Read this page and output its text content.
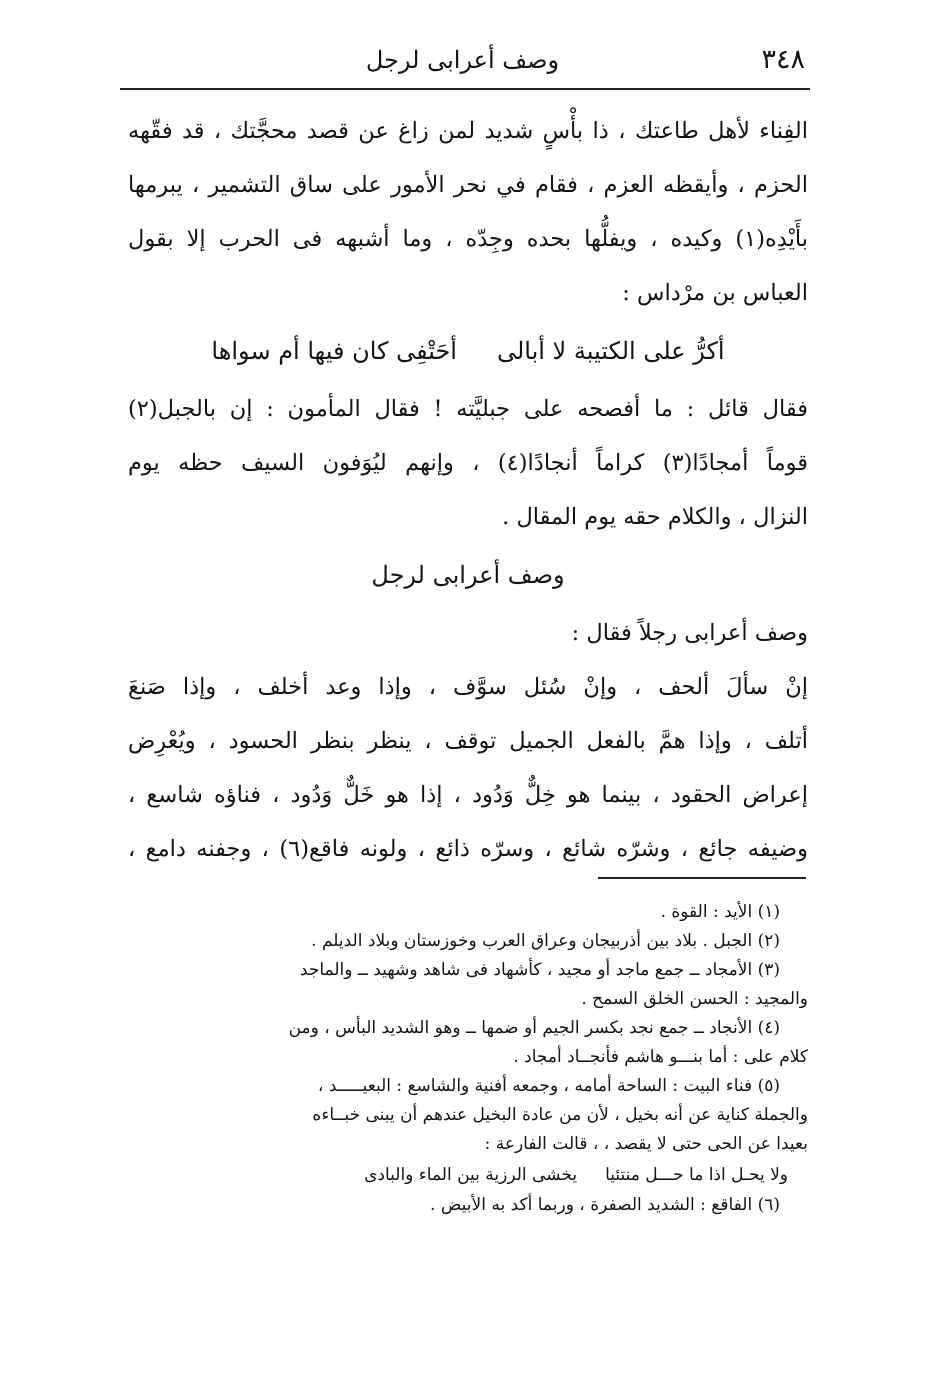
٣٤٨
وصف أعرابى لرجل
الفِناء لأهل طاعتك ، ذا بأْسٍ شديد لمن زاغ عن قصد محجَّتك ، قد فقّهه
الحزم ، وأيقظه العزم ، فقام في نحر الأمور على ساق التشمير ، يبرمها
بأَيْدِه(١) وكيده ، ويفلُّها بحده وجِدّه ، وما أشبهه فى الحرب إلا بقول
العباس بن مرْداس :
أكرُّ على الكتيبة لا أبالى
أحَتْفِى كان فيها أم سواها
فقال قائل : ما أفصحه على جبليَّته ! فقال المأمون : إن بالجبل(٢)
قوماً أمجادًا(٣) كراماً أنجادًا(٤) ، وإنهم ليُوَفون السيف حظه يوم
النزال ، والكلام حقه يوم المقال .
وصف أعرابى لرجل
وصف أعرابى رجلاً فقال :
إنْ سألَ ألحف ، وإنْ سُئل سوَّف ، وإذا وعد أخلف ، وإذا صَنعَ
أتلف ، وإذا همَّ بالفعل الجميل توقف ، ينظر بنظر الحسود ، ويُعْرِض
إعراض الحقود ، بينما هو خِلٌّ وَدُود ، إذا هو خَلٌّ وَدُود ، فناؤه شاسع ،
وضيفه جائع ، وشرّه شائع ، وسرّه ذائع ، ولونه فاقع(٦) ، وجفنه دامع ،
(١) الأيد : القوة .
(٢) الجبل . بلاد بين أذربيجان وعراق العرب وخوزستان وبلاد الديلم .
(٣) الأمجاد ــ جمع ماجد أو مجيد ، كأشهاد فى شاهد وشهيد ــ والماجد
والمجيد : الحسن الخلق السمح .
(٤) الأنجاد ــ جمع نجد بكسر الجيم أو ضمها ــ وهو الشديد البأس ، ومن
كلام على : أما بنـــو هاشم فأنجــاد أمجاد .
(٥) فناء البيت : الساحة أمامه ، وجمعه أفنية والشاسع : البعيـــــد ،
والجملة كناية عن أنه بخيل ، لأن من عادة البخيل عندهم أن يبنى خبــاءه
بعيدا عن الحى حتى لا يقصد ، ، قالت الفارعة :
ولا يحـل اذا ما حـــل منتئيا
يخشى الرزية بين الماء والبادى
(٦) الفاقع : الشديد الصفرة ، وربما أكد به الأبيض .
